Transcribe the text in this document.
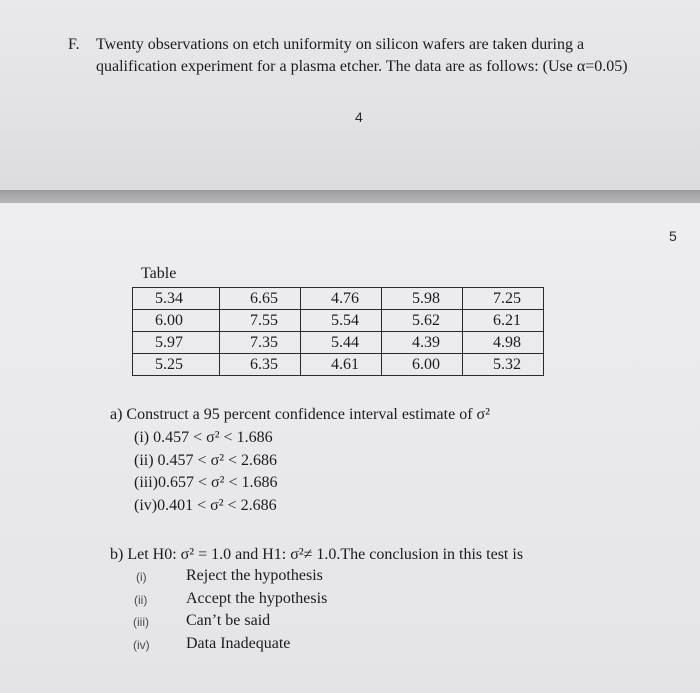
F. Twenty observations on etch uniformity on silicon wafers are taken during a
qualification experiment for a plasma etcher. The data are as follows: (Use α=0.05)
4
5
Table
5.34	6.65	4.76	5.98	7.25
6.00	7.55	5.54	5.62	6.21
5.97	7.35	5.44	4.39	4.98
5.25	6.35	4.61	6.00	5.32
a) Construct a 95 percent confidence interval estimate of σ²
(i) 0.457 < σ² < 1.686
(ii) 0.457 < σ² < 2.686
(iii)0.657 < σ² < 1.686
(iv)0.401 < σ² < 2.686
b) Let H0: σ² = 1.0 and H1: σ²≠ 1.0.The conclusion in this test is
(i) Reject the hypothesis
(ii) Accept the hypothesis
(iii) Can’t be said
(iv) Data Inadequate
